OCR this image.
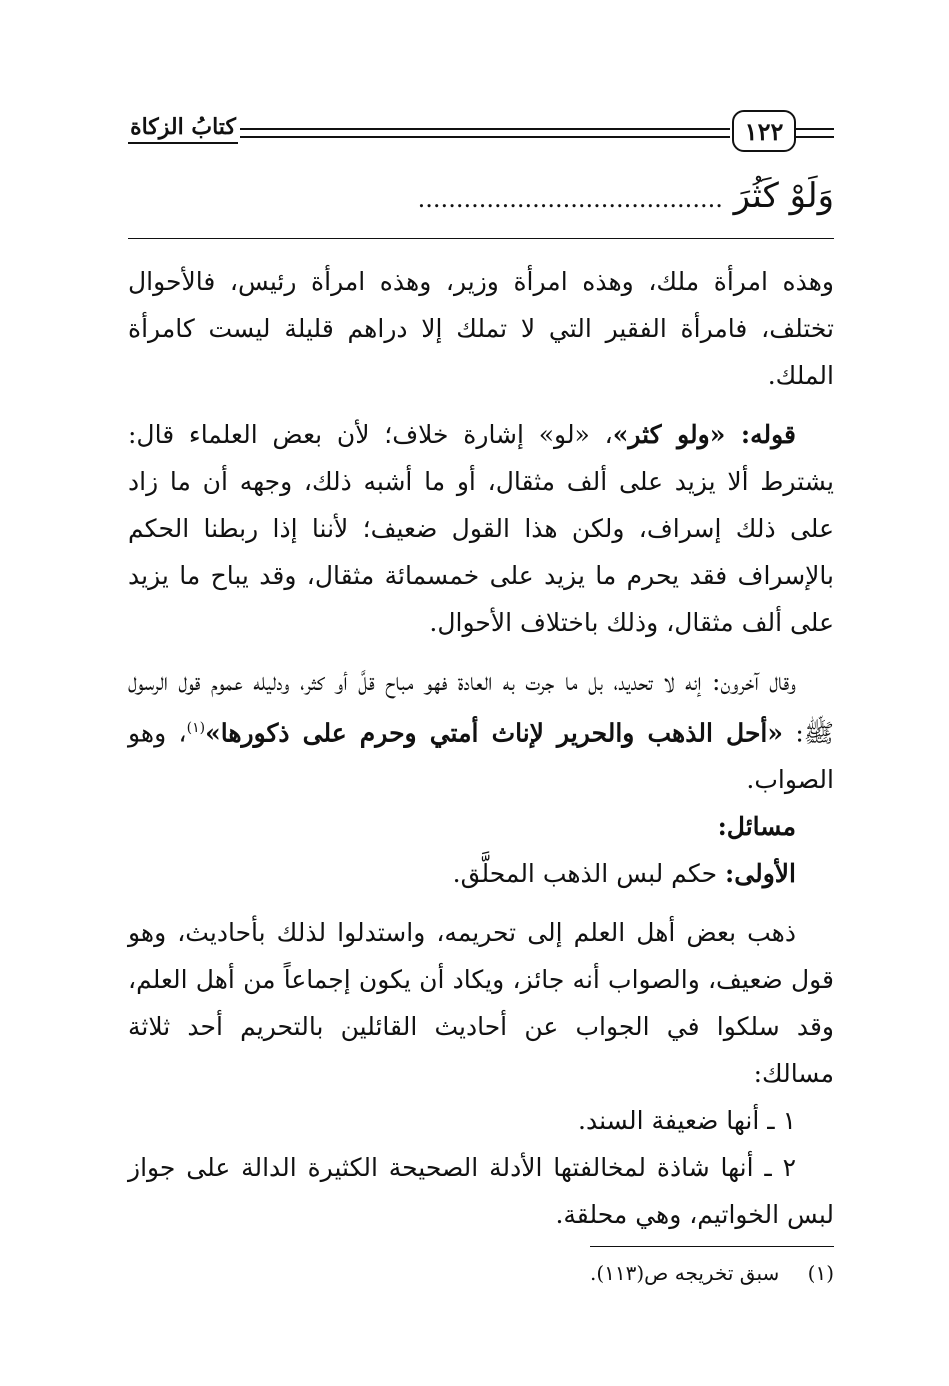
كتابُ الزكاة	١٢٢
وَلَوْ كَثُرَ ........................................

وهذه امرأة ملك، وهذه امرأة وزير، وهذه امرأة رئيس، فالأحوال تختلف، فامرأة الفقير التي لا تملك إلا دراهم قليلة ليست كامرأة الملك.

قوله: «ولو كثر»، «لو» إشارة خلاف؛ لأن بعض العلماء قال: يشترط ألا يزيد على ألف مثقال، أو ما أشبه ذلك، وجهه أن ما زاد على ذلك إسراف، ولكن هذا القول ضعيف؛ لأننا إذا ربطنا الحكم بالإسراف فقد يحرم ما يزيد على خمسمائة مثقال، وقد يباح ما يزيد على ألف مثقال، وذلك باختلاف الأحوال.

وقال آخرون: إنه لا تحديد، بل ما جرت به العادة فهو مباح قلَّ أو كثر، ودليله عموم قول الرسول ﷺ: «أحل الذهب والحرير لإناث أمتي وحرم على ذكورها»$^{(١)}$، وهو الصواب.

مسائل:

الأولى: حكم لبس الذهب المحلَّق.

ذهب بعض أهل العلم إلى تحريمه، واستدلوا لذلك بأحاديث، وهو قول ضعيف، والصواب أنه جائز، ويكاد أن يكون إجماعاً من أهل العلم، وقد سلكوا في الجواب عن أحاديث القائلين بالتحريم أحد ثلاثة مسالك:

١ ـ أنها ضعيفة السند.

٢ ـ أنها شاذة لمخالفتها الأدلة الصحيحة الكثيرة الدالة على جواز لبس الخواتيم، وهي محلقة.

(١) سبق تخريجه ص(١١٣).
